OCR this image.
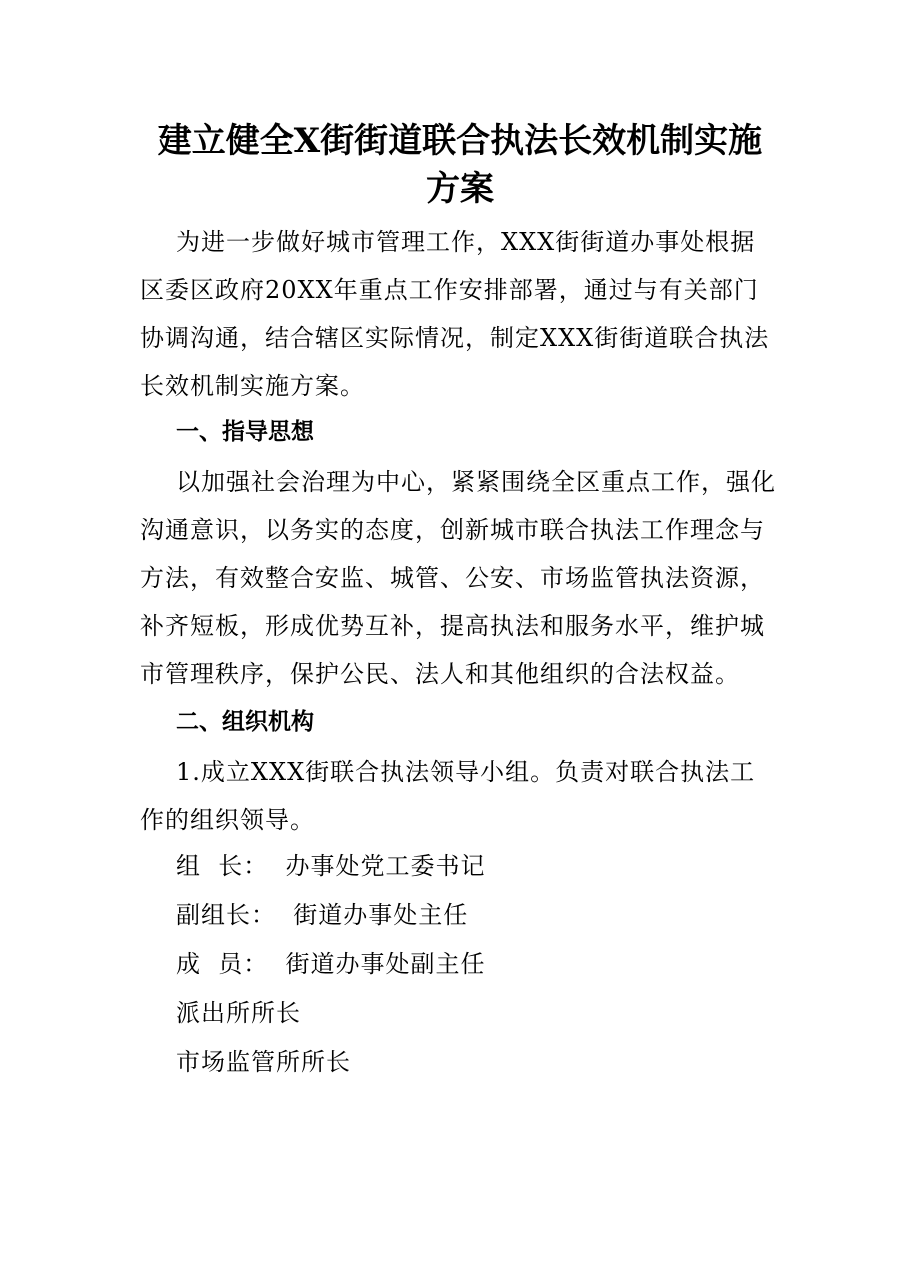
建立健全X街街道联合执法长效机制实施
方案

为进一步做好城市管理工作，XXX街街道办事处根据区委区政府20XX年重点工作安排部署，通过与有关部门协调沟通，结合辖区实际情况，制定XXX街街道联合执法长效机制实施方案。

一、指导思想

以加强社会治理为中心，紧紧围绕全区重点工作，强化沟通意识，以务实的态度，创新城市联合执法工作理念与方法，有效整合安监、城管、公安、市场监管执法资源，补齐短板，形成优势互补，提高执法和服务水平，维护城市管理秩序，保护公民、法人和其他组织的合法权益。

二、组织机构

1.成立XXX街联合执法领导小组。负责对联合执法工作的组织领导。

组  长：  办事处党工委书记

副组长：  街道办事处主任

成  员：  街道办事处副主任

派出所所长

市场监管所所长
